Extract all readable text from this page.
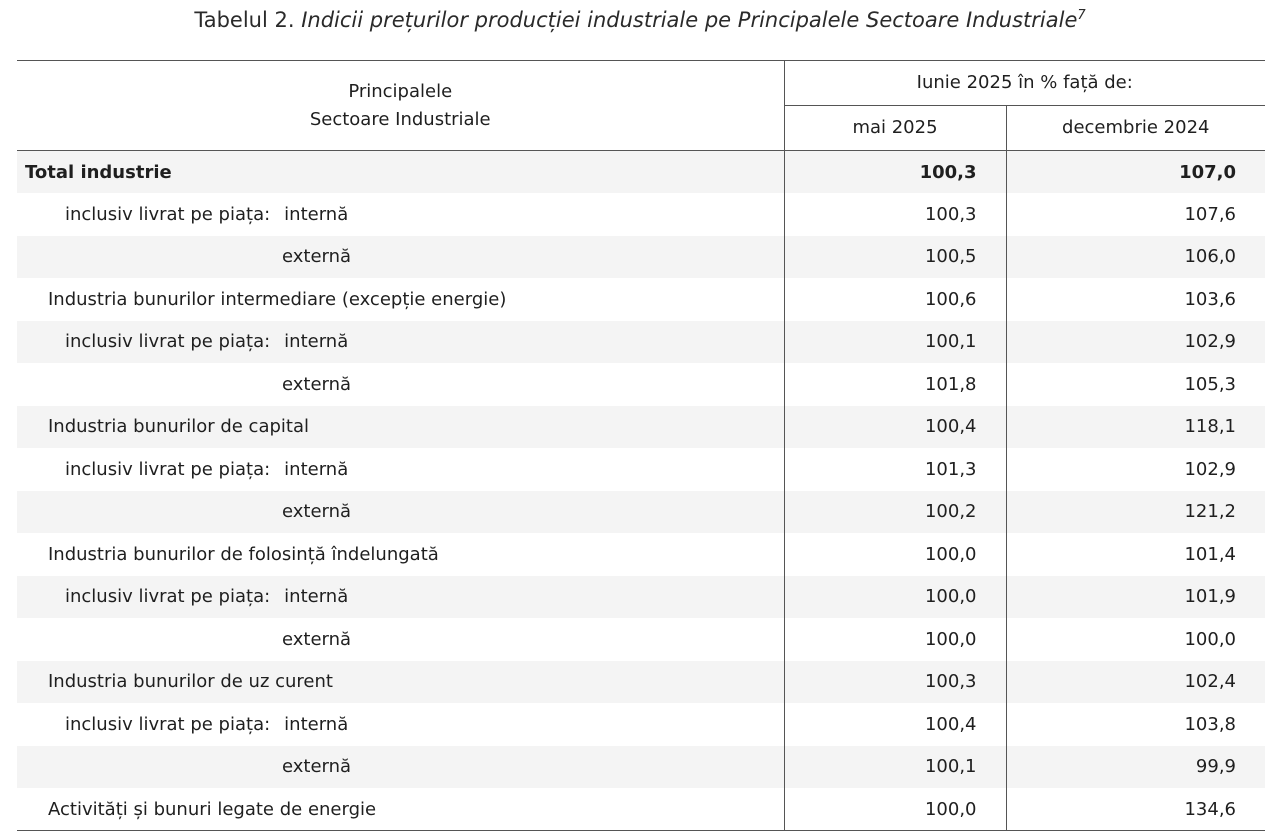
Tabelul 2. Indicii prețurilor producției industriale pe Principalele Sectoare Industriale$^7$
Principalele
Sectoare Industriale	Iunie 2025 în % față de:	
	mai 2025	decembrie 2024
Total industrie	100,3	107,0
inclusiv livrat pe piața: internă	100,3	107,6
externă	100,5	106,0
Industria bunurilor intermediare (excepție energie)	100,6	103,6
inclusiv livrat pe piața: internă	100,1	102,9
externă	101,8	105,3
Industria bunurilor de capital	100,4	118,1
inclusiv livrat pe piața: internă	101,3	102,9
externă	100,2	121,2
Industria bunurilor de folosință îndelungată	100,0	101,4
inclusiv livrat pe piața: internă	100,0	101,9
externă	100,0	100,0
Industria bunurilor de uz curent	100,3	102,4
inclusiv livrat pe piața: internă	100,4	103,8
externă	100,1	99,9
Activități și bunuri legate de energie	100,0	134,6
